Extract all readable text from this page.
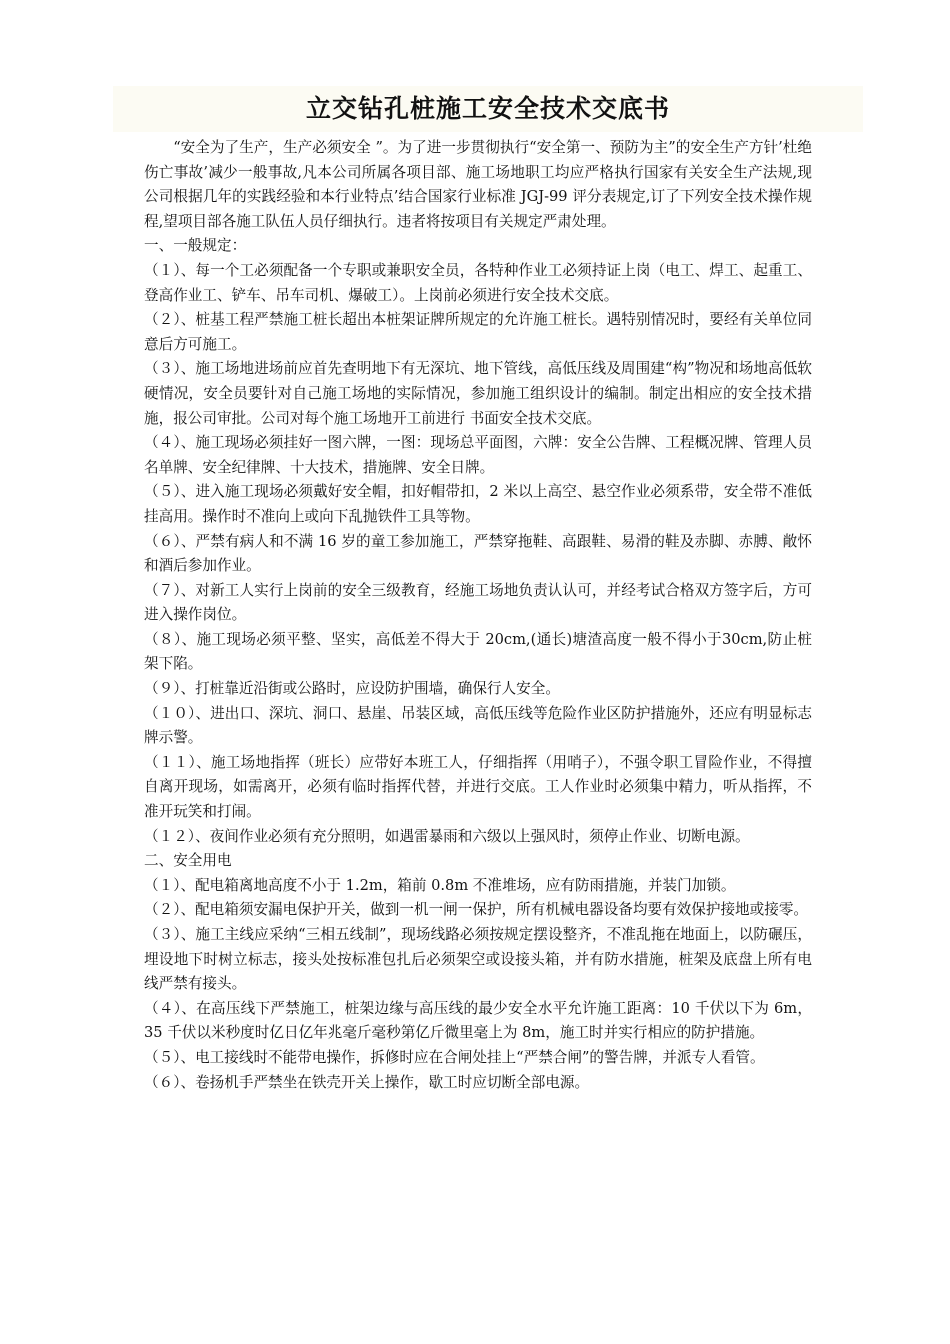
立交钻孔桩施工安全技术交底书

“安全为了生产，生产必须安全 ”。为了进一步贯彻执行“安全第一、预防为主”的安全生产方针’杜绝伤亡事故’减少一般事故,凡本公司所属各项目部、施工场地职工均应严格执行国家有关安全生产法规,现公司根据几年的实践经验和本行业特点’结合国家行业标准 JGJ-99 评分表规定,订了下列安全技术操作规程,望项目部各施工队伍人员仔细执行。违者将按项目有关规定严肃处理。

一、一般规定：

（１）、每一个工必须配备一个专职或兼职安全员，各特种作业工必须持证上岗（电工、焊工、起重工、登高作业工、铲车、吊车司机、爆破工）。上岗前必须进行安全技术交底。

（２）、桩基工程严禁施工桩长超出本桩架证牌所规定的允许施工桩长。遇特别情况时，要经有关单位同意后方可施工。

（３）、施工场地进场前应首先查明地下有无深坑、地下管线，高低压线及周围建“构”物况和场地高低软硬情况，安全员要针对自己施工场地的实际情况，参加施工组织设计的编制。制定出相应的安全技术措施，报公司审批。公司对每个施工场地开工前进行 书面安全技术交底。

（４）、施工现场必须挂好一图六牌，一图：现场总平面图，六牌：安全公告牌、工程概况牌、管理人员名单牌、安全纪律牌、十大技术，措施牌、安全日牌。

（５）、进入施工现场必须戴好安全帽，扣好帽带扣，2 米以上高空、悬空作业必须系带，安全带不准低挂高用。操作时不准向上或向下乱抛铁件工具等物。

（６）、严禁有病人和不满 16 岁的童工参加施工，严禁穿拖鞋、高跟鞋、易滑的鞋及赤脚、赤膊、敞怀和酒后参加作业。

（７）、对新工人实行上岗前的安全三级教育，经施工场地负责认认可，并经考试合格双方签字后，方可进入操作岗位。

（８）、施工现场必须平整、坚实，高低差不得大于 20cm,(通长)塘渣高度一般不得小于30cm,防止桩架下陷。

（９）、打桩靠近沿街或公路时，应设防护围墙，确保行人安全。

（１０）、进出口、深坑、洞口、悬崖、吊装区域，高低压线等危险作业区防护措施外，还应有明显标志牌示警。

（１１）、施工场地指挥（班长）应带好本班工人，仔细指挥（用哨子），不强令职工冒险作业，不得擅自离开现场，如需离开，必须有临时指挥代替，并进行交底。工人作业时必须集中精力，听从指挥，不准开玩笑和打闹。

（１２）、夜间作业必须有充分照明，如遇雷暴雨和六级以上强风时，须停止作业、切断电源。

二、安全用电

（１）、配电箱离地高度不小于 1.2m，箱前 0.8m 不准堆场，应有防雨措施，并装门加锁。

（２）、配电箱须安漏电保护开关，做到一机一闸一保护，所有机械电器设备均要有效保护接地或接零。

（３）、施工主线应采纳“三相五线制”，现场线路必须按规定摆设整齐，不准乱拖在地面上，以防碾压，埋设地下时树立标志，接头处按标准包扎后必须架空或设接头箱，并有防水措施，桩架及底盘上所有电线严禁有接头。

（４）、在高压线下严禁施工，桩架边缘与高压线的最少安全水平允许施工距离：10 千伏以下为 6m，35 千伏以米秒度时亿日亿年兆毫斤毫秒第亿斤微里毫上为 8m，施工时并实行相应的防护措施。

（５）、电工接线时不能带电操作，拆修时应在合闸处挂上“严禁合闸”的警告牌，并派专人看管。

（６）、卷扬机手严禁坐在铁壳开关上操作，歇工时应切断全部电源。
